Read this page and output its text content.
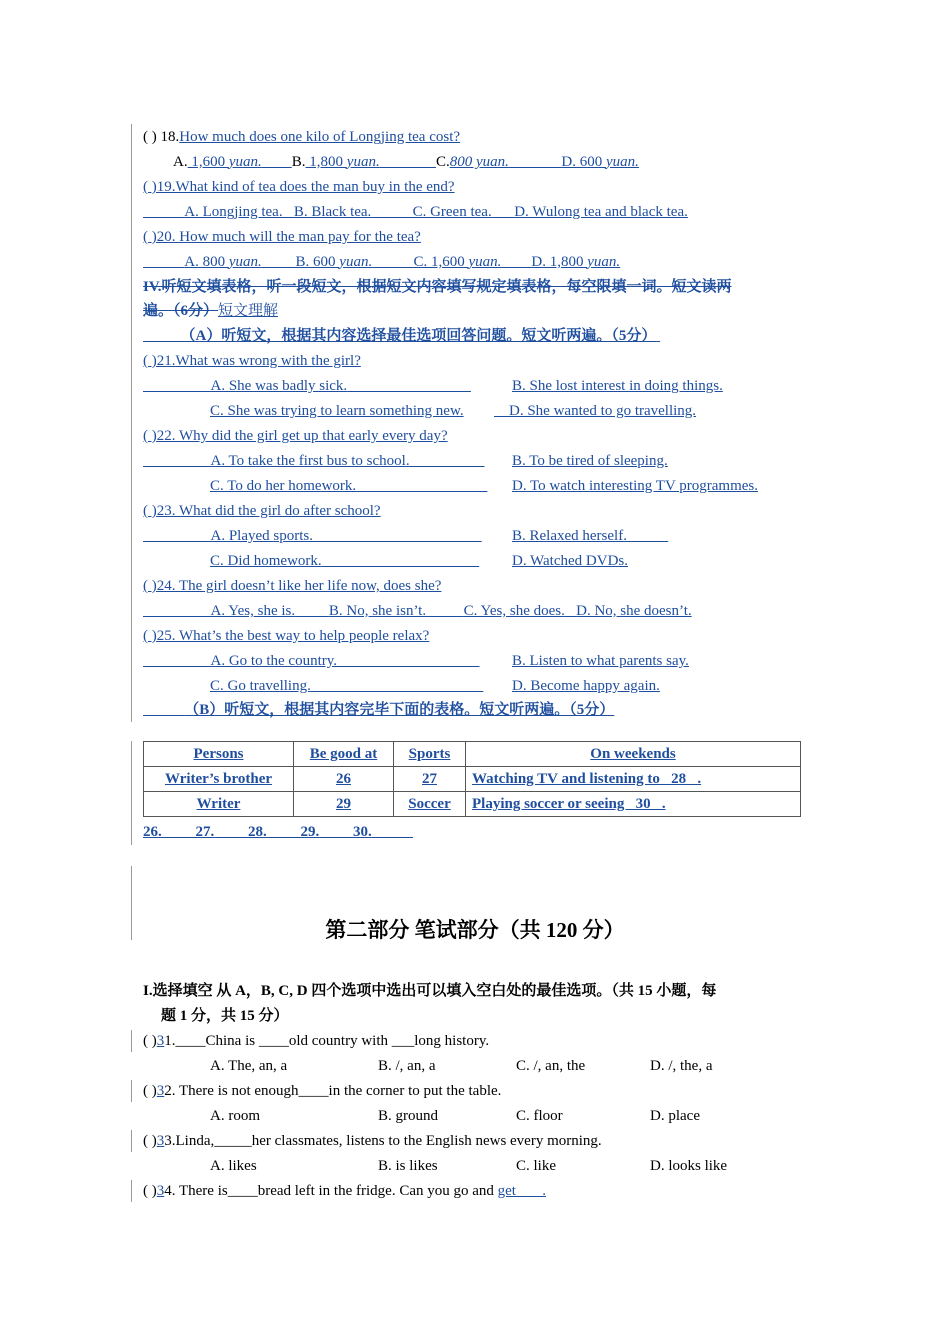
( ) 18.How much does one kilo of Longjing tea cost?
A. 1,600 yuan. B. 1,800 yuan.	C.800 yuan.	D. 600 yuan.
( )19.What kind of tea does the man buy in the end?
A. Longjing tea. B. Black tea.	C. Green tea. D. Wulong tea and black tea.
( )20. How much will the man pay for the tea?
A. 800 yuan. B. 600 yuan.	C. 1,600 yuan. D. 1,800 yuan.
IV.听短文填表格，听一段短文，根据短文内容填写规定填表格，每空限填一词。短文读两
遍。（6分）短文理解
（A）听短文，根据其内容选择最佳选项回答问题。短文听两遍。（5分）
( )21.What was wrong with the girl?
A. She was badly sick.	B. She lost interest in doing things.
C. She was trying to learn something new.	D. She wanted to go travelling.
( )22. Why did the girl get up that early every day?
A. To take the first bus to school.	B. To be tired of sleeping.
C. To do her homework.	D. To watch interesting TV programmes.
( )23. What did the girl do after school?
A. Played sports.	B. Relaxed herself.
C. Did homework.	D. Watched DVDs.
( )24. The girl doesn’t like her life now, does she?
A. Yes, she is. B. No, she isn’t.	C. Yes, she does. D. No, she doesn’t.
( )25. What’s the best way to help people relax?
A. Go to the country.	B. Listen to what parents say.
C. Go travelling.	D. Become happy again.
（B）听短文，根据其内容完毕下面的表格。短文听两遍。（5分）
Persons	Be good at	Sports	On weekends
Writer’s brother	26	27	Watching TV and listening to   28   .
Writer	29	Soccer	Playing soccer or seeing   30   .
26. 27. 28. 29. 30.
第二部分 笔试部分（共 120 分）
I.选择填空 从 A，B, C, D 四个选项中选出可以填入空白处的最佳选项。（共 15 小题，每
题 1 分，共 15 分）
( )31.____China is ____old country with ___long history.
A. The, an, a	B. /, an, a	C. /, an, the	D. /, the, a
( )32. There is not enough____in the corner to put the table.
A. room	B. ground	C. floor	D. place
( )33.Linda,_____her classmates, listens to the English news every morning.
A. likes	B. is likes	C. like	D. looks like
( )34. There is____bread left in the fridge. Can you go and get       .
